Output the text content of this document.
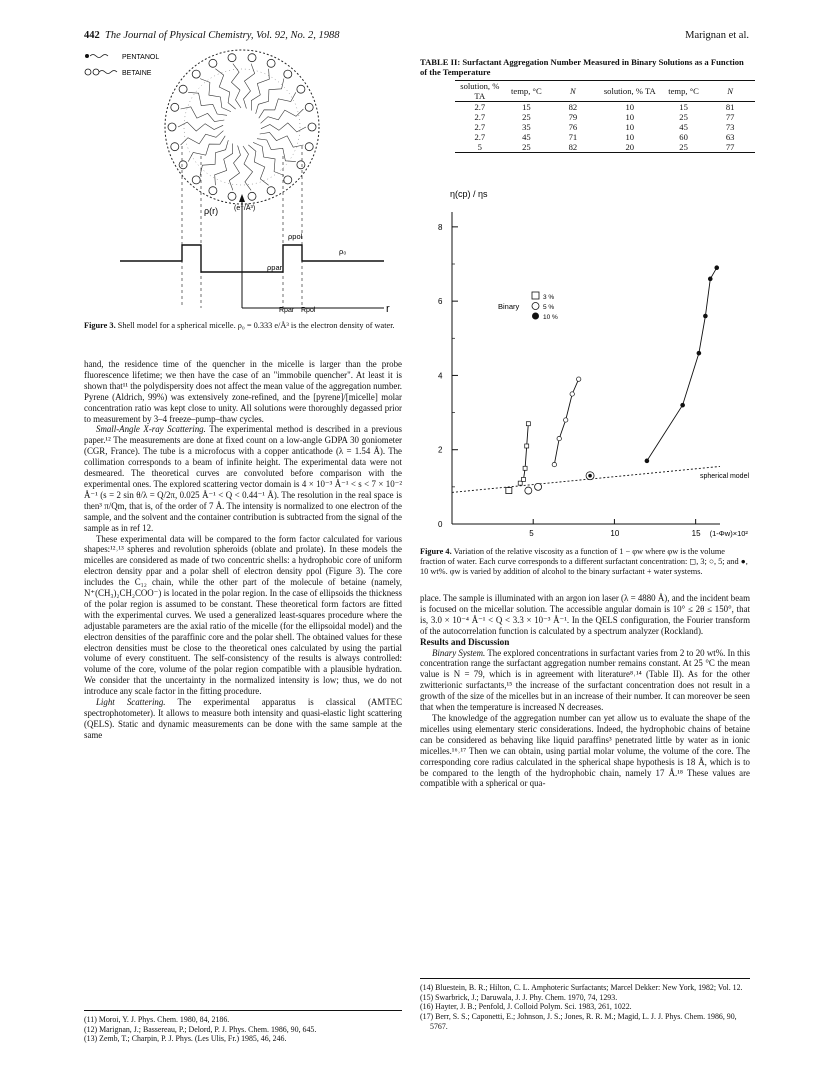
442 The Journal of Physical Chemistry, Vol. 92, No. 2, 1988	Marignan et al.
PENTANOL
BETAINE
ρ(r) (e⁻/Å³)
ρpol
ρpar
ρ₀
Rpar Rpol	r
Figure 3. Shell model for a spherical micelle. ρ₀ = 0.333 e/Å³ is the electron density of water.

hand, the residence time of the quencher in the micelle is larger than the probe fluorescence lifetime; we then have the case of an "immobile quencher". At least it is shown that¹¹ the polydispersity does not affect the mean value of the aggregation number. Pyrene (Aldrich, 99%) was extensively zone-refined, and the [pyrene]/[micelle] molar concentration ratio was kept close to unity. All solutions were thoroughly degassed prior to measurement by 3–4 freeze–pump–thaw cycles.

Small-Angle X-ray Scattering. The experimental method is described in a previous paper.¹² The measurements are done at fixed count on a low-angle GDPA 30 goniometer (CGR, France). The tube is a microfocus with a copper anticathode (λ = 1.54 Å). The collimation corresponds to a beam of infinite height. The experimental data were not desmeared. The theoretical curves are convoluted before comparison with the experimental ones. The explored scattering vector domain is 4 × 10⁻³ Å⁻¹ < s < 7 × 10⁻² Å⁻¹ (s = 2 sin θ/λ = Q/2π, 0.025 Å⁻¹ < Q < 0.44⁻¹ Å). The resolution in the real space is then³ π/Qm, that is, of the order of 7 Å. The intensity is normalized to one electron of the sample, and the solvent and the container contribution is subtracted from the signal of the sample as in ref 12.

These experimental data will be compared to the form factor calculated for various shapes:¹²˒¹³ spheres and revolution spheroids (oblate and prolate). In these models the micelles are considered as made of two concentric shells: a hydrophobic core of uniform electron density ρpar and a polar shell of electron density ρpol (Figure 3). The core includes the C₁₂ chain, while the other part of the molecule of betaine (namely, N⁺(CH₃)₂CH₂COO⁻) is located in the polar region. In the case of ellipsoids the thickness of the polar region is assumed to be constant. These theoretical form factors are fitted with the experimental curves. We used a generalized least-squares procedure where the adjustable parameters are the axial ratio of the micelle (for the ellipsoidal model) and the electron densities of the paraffinic core and the polar shell. The obtained values for these electron densities must be close to the theoretical ones calculated by using the partial volume of every constituent. The self-consistency of the results is always controlled: volume of the core, volume of the polar region compatible with a plausible hydration. We consider that the uncertainty in the normalized intensity is low; thus, we do not introduce any scale factor in the fitting procedure.

Light Scattering. The experimental apparatus is classical (AMTEC spectrophotometer). It allows to measure both intensity and quasi-elastic light scattering (QELS). Static and dynamic measurements can be done with the same sample at the same

(11) Moroi, Y. J. Phys. Chem. 1980, 84, 2186.
(12) Marignan, J.; Bassereau, P.; Delord, P. J. Phys. Chem. 1986, 90, 645.
(13) Zemb, T.; Charpin, P. J. Phys. (Les Ulis, Fr.) 1985, 46, 246.
TABLE II: Surfactant Aggregation Number Measured in Binary Solutions as a Function of the Temperature
solution, % TA	temp, °C	N	solution, % TA	temp, °C	N
2.7	15	82	10	15	81
2.7	25	79	10	25	77
2.7	35	76	10	45	73
2.7	45	71	10	60	63
5	25	82	20	25	77
η(cp) / ηs
0
2
4
6
8
5	10	15 (1-Φw)×10²
Binary
3 %
5 %
10 %
spherical model
Figure 4. Variation of the relative viscosity as a function of 1 − φw where φw is the volume fraction of water. Each curve corresponds to a different surfactant concentration: ◻, 3; ○, 5; and ●, 10 wt%. φw is varied by addition of alcohol to the binary surfactant + water systems.

place. The sample is illuminated with an argon ion laser (λ = 4880 Å), and the incident beam is focused on the micellar solution. The accessible angular domain is 10° ≤ 2θ ≤ 150°, that is, 3.0 × 10⁻⁴ Å⁻¹ < Q < 3.3 × 10⁻³ Å⁻¹. In the QELS configuration, the Fourier transform of the autocorrelation function is calculated by a spectrum analyzer (Rockland).

Results and Discussion

Binary System. The explored concentrations in surfactant varies from 2 to 20 wt%. In this concentration range the surfactant aggregation number remains constant. At 25 °C the mean value is N = 79, which is in agreement with literature⁸˒¹⁴ (Table II). As for the other zwitterionic surfactants,¹⁵ the increase of the surfactant concentration does not result in a growth of the size of the micelles but in an increase of their number. It can moreover be seen that when the temperature is increased N decreases.

The knowledge of the aggregation number can yet allow us to evaluate the shape of the micelles using elementary steric considerations. Indeed, the hydrophobic chains of betaine can be considered as behaving like liquid paraffins³ penetrated little by water as in ionic micelles.¹⁶˒¹⁷ Then we can obtain, using partial molar volume, the volume of the core. The corresponding core radius calculated in the spherical shape hypothesis is 18 Å, which is to be compared to the length of the hydrophobic chain, namely 17 Å.¹⁸ These values are compatible with a spherical or qua-

(14) Bluestein, B. R.; Hilton, C. L. Amphoteric Surfactants; Marcel Dekker: New York, 1982; Vol. 12.
(15) Swarbrick, J.; Daruwala, J. J. Phy. Chem. 1970, 74, 1293.
(16) Hayter, J. B.; Penfold, J. Colloid Polym. Sci. 1983, 261, 1022.
(17) Berr, S. S.; Caponetti, E.; Johnson, J. S.; Jones, R. R. M.; Magid, L. J. J. Phys. Chem. 1986, 90, 5767.
